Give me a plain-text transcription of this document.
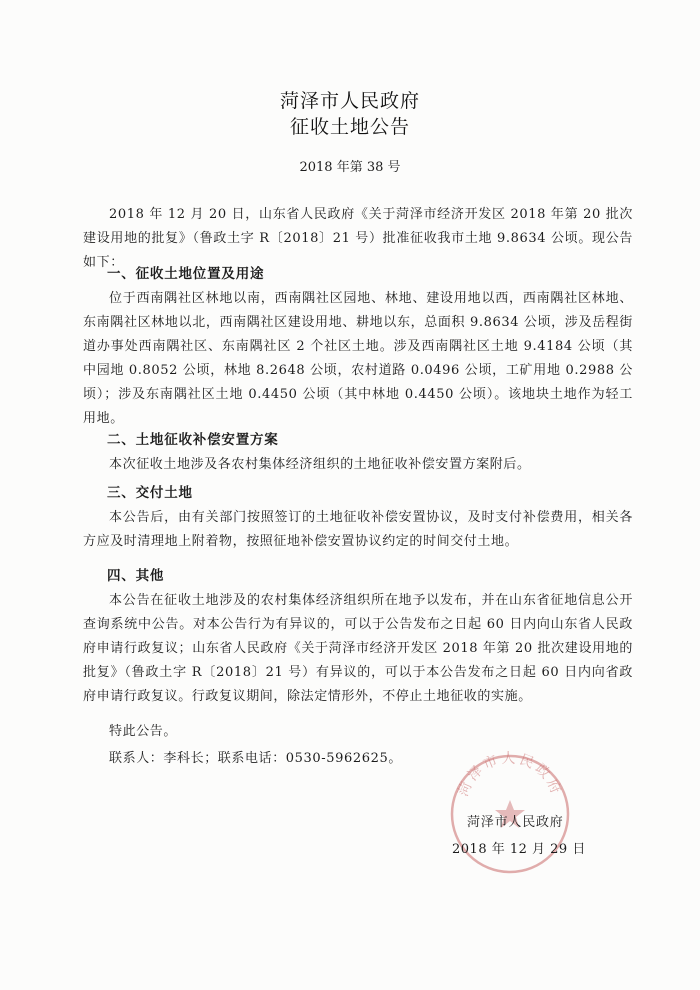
菏泽市人民政府
征收土地公告
2018 年第 38 号

2018 年 12 月 20 日，山东省人民政府《关于菏泽市经济开发区 2018 年第 20 批次建设用地的批复》（鲁政土字 R〔2018〕21 号）批准征收我市土地 9.8634 公顷。现公告如下：

一、征收土地位置及用途

位于西南隅社区林地以南，西南隅社区园地、林地、建设用地以西，西南隅社区林地、东南隅社区林地以北，西南隅社区建设用地、耕地以东，总面积 9.8634 公顷，涉及岳程街道办事处西南隅社区、东南隅社区 2 个社区土地。涉及西南隅社区土地 9.4184 公顷（其中园地 0.8052 公顷，林地 8.2648 公顷，农村道路 0.0496 公顷，工矿用地 0.2988 公顷）；涉及东南隅社区土地 0.4450 公顷（其中林地 0.4450 公顷）。该地块土地作为轻工用地。

二、土地征收补偿安置方案

本次征收土地涉及各农村集体经济组织的土地征收补偿安置方案附后。

三、交付土地

本公告后，由有关部门按照签订的土地征收补偿安置协议，及时支付补偿费用，相关各方应及时清理地上附着物，按照征地补偿安置协议约定的时间交付土地。

四、其他

本公告在征收土地涉及的农村集体经济组织所在地予以发布，并在山东省征地信息公开查询系统中公告。对本公告行为有异议的，可以于公告发布之日起 60 日内向山东省人民政府申请行政复议；山东省人民政府《关于菏泽市经济开发区 2018 年第 20 批次建设用地的批复》（鲁政土字 R〔2018〕21 号）有异议的，可以于本公告发布之日起 60 日内向省政府申请行政复议。行政复议期间，除法定情形外，不停止土地征收的实施。

特此公告。

联系人：李科长；联系电话：0530-5962625。

菏泽市人民政府
菏泽市人民政府
2018 年 12 月 29 日
